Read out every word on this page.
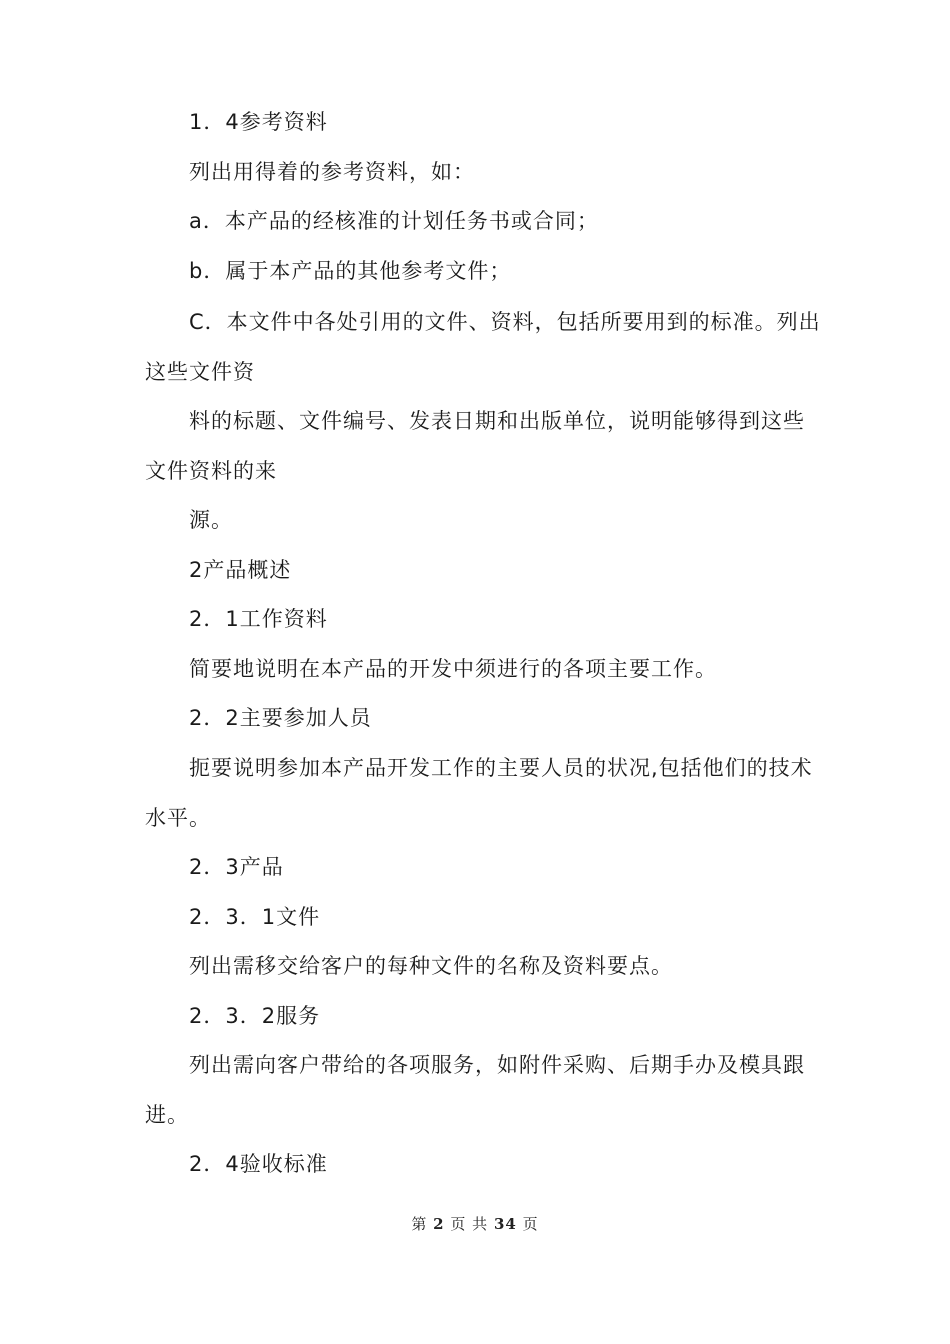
1．4参考资料

列出用得着的参考资料，如：

a．本产品的经核准的计划任务书或合同；

b．属于本产品的其他参考文件；

C．本文件中各处引用的文件、资料，包括所要用到的标准。列出这些文件资

料的标题、文件编号、发表日期和出版单位，说明能够得到这些文件资料的来

源。

2产品概述

2．1工作资料

简要地说明在本产品的开发中须进行的各项主要工作。

2．2主要参加人员

扼要说明参加本产品开发工作的主要人员的状况,包括他们的技术水平。

2．3产品

2．3．1文件

列出需移交给客户的每种文件的名称及资料要点。

2．3．2服务

列出需向客户带给的各项服务，如附件采购、后期手办及模具跟进。

2．4验收标准

第 2 页 共 34 页
